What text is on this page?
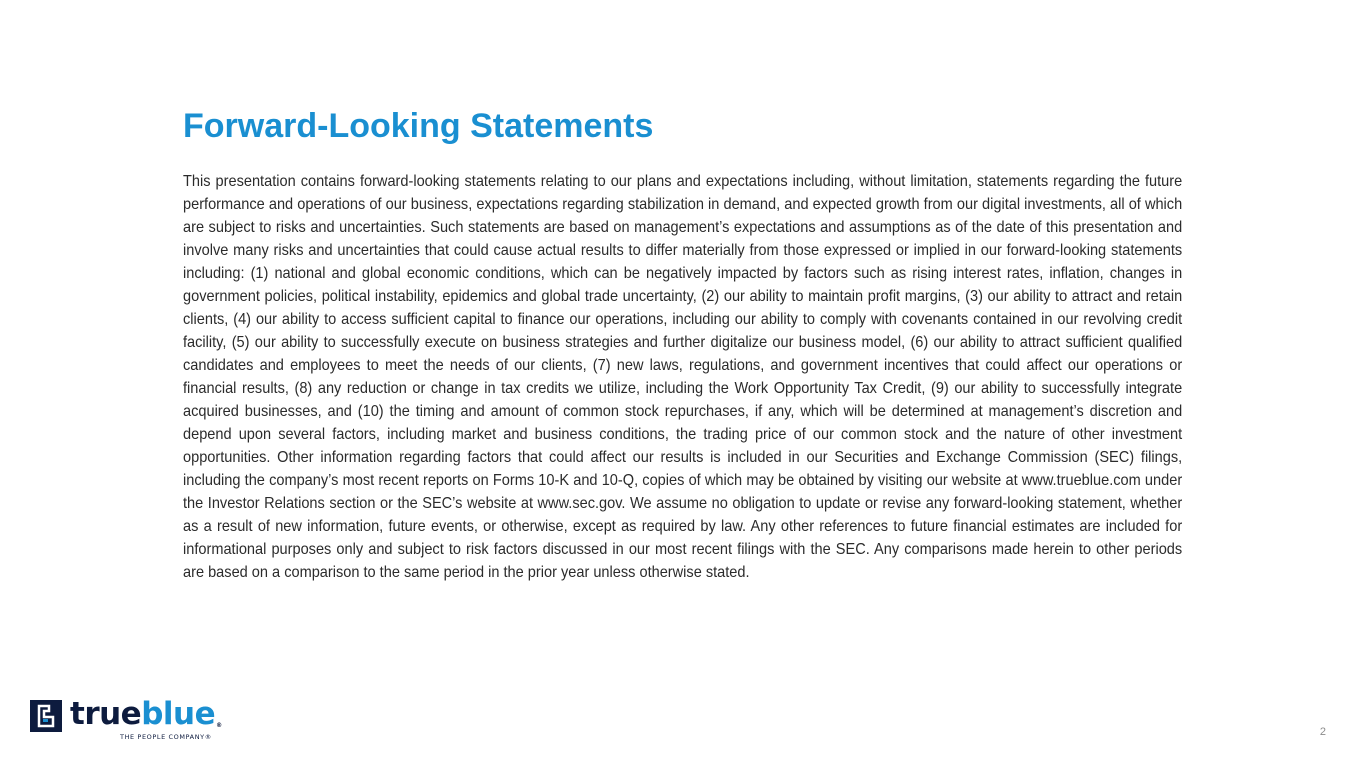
Forward-Looking Statements

This presentation contains forward-looking statements relating to our plans and expectations including, without limitation, statements regarding the future performance and operations of our business, expectations regarding stabilization in demand, and expected growth from our digital investments, all of which are subject to risks and uncertainties. Such statements are based on management’s expectations and assumptions as of the date of this presentation and involve many risks and uncertainties that could cause actual results to differ materially from those expressed or implied in our forward-looking statements including: (1) national and global economic conditions, which can be negatively impacted by factors such as rising interest rates, inflation, changes in government policies, political instability, epidemics and global trade uncertainty, (2) our ability to maintain profit margins, (3) our ability to attract and retain clients, (4) our ability to access sufficient capital to finance our operations, including our ability to comply with covenants contained in our revolving credit facility, (5) our ability to successfully execute on business strategies and further digitalize our business model, (6) our ability to attract sufficient qualified candidates and employees to meet the needs of our clients, (7) new laws, regulations, and government incentives that could affect our operations or financial results, (8) any reduction or change in tax credits we utilize, including the Work Opportunity Tax Credit, (9) our ability to successfully integrate acquired businesses, and (10) the timing and amount of common stock repurchases, if any, which will be determined at management’s discretion and depend upon several factors, including market and business conditions, the trading price of our common stock and the nature of other investment opportunities. Other information regarding factors that could affect our results is included in our Securities and Exchange Commission (SEC) filings, including the company’s most recent reports on Forms 10-K and 10-Q, copies of which may be obtained by visiting our website at www.trueblue.com under the Investor Relations section or the SEC’s website at www.sec.gov. We assume no obligation to update or revise any forward-looking statement, whether as a result of new information, future events, or otherwise, except as required by law. Any other references to future financial estimates are included for informational purposes only and subject to risk factors discussed in our most recent filings with the SEC. Any comparisons made herein to other periods are based on a comparison to the same period in the prior year unless otherwise stated.

trueblue®
THE PEOPLE COMPANY®	2
